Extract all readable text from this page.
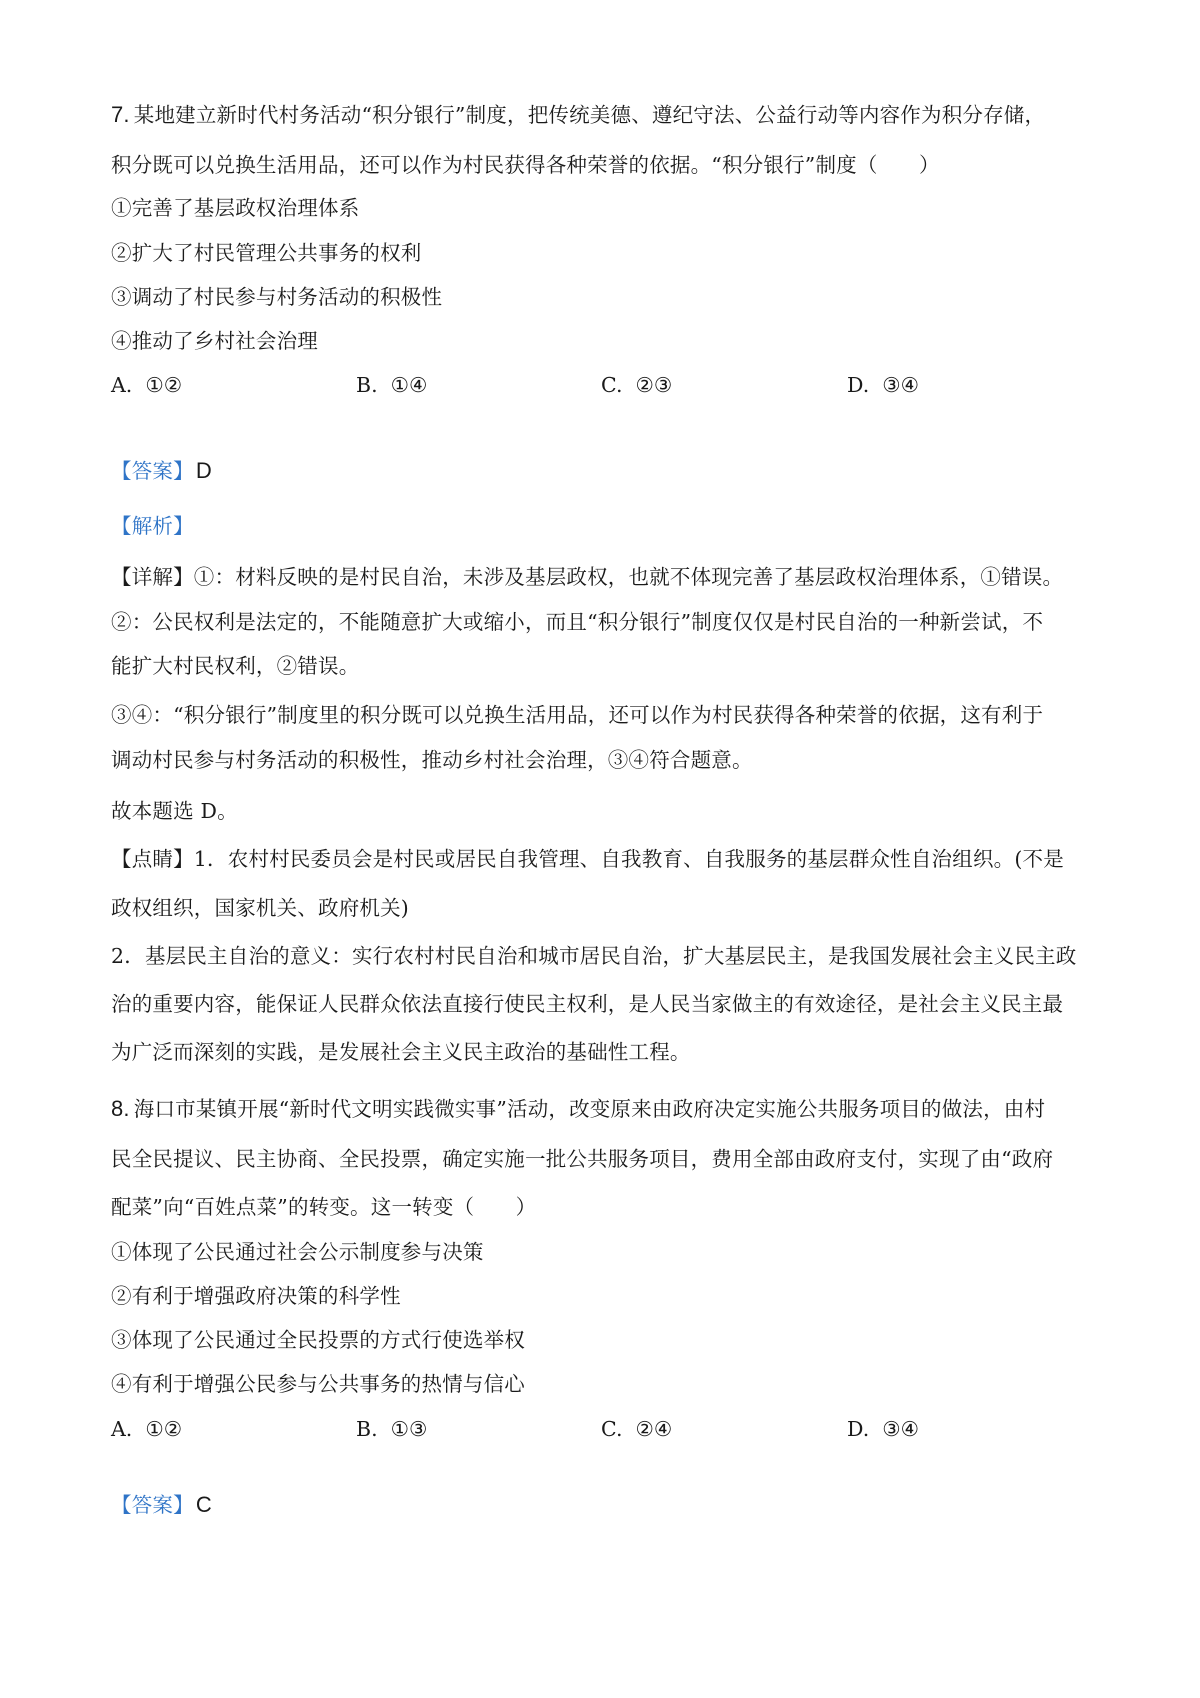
7. 某地建立新时代村务活动“积分银行”制度，把传统美德、遵纪守法、公益行动等内容作为积分存储，

积分既可以兑换生活用品，还可以作为村民获得各种荣誉的依据。“积分银行”制度（　　）

①完善了基层政权治理体系

②扩大了村民管理公共事务的权利

③调动了村民参与村务活动的积极性

④推动了乡村社会治理

A. ①②	B. ①④	C. ②③	D. ③④

【答案】D

【解析】

【详解】①：材料反映的是村民自治，未涉及基层政权，也就不体现完善了基层政权治理体系，①错误。

②：公民权利是法定的，不能随意扩大或缩小，而且“积分银行”制度仅仅是村民自治的一种新尝试，不

能扩大村民权利，②错误。

③④：“积分银行”制度里的积分既可以兑换生活用品，还可以作为村民获得各种荣誉的依据，这有利于

调动村民参与村务活动的积极性，推动乡村社会治理，③④符合题意。

故本题选 D。

【点睛】1．农村村民委员会是村民或居民自我管理、自我教育、自我服务的基层群众性自治组织。(不是

政权组织，国家机关、政府机关)

2．基层民主自治的意义：实行农村村民自治和城市居民自治，扩大基层民主，是我国发展社会主义民主政

治的重要内容，能保证人民群众依法直接行使民主权利，是人民当家做主的有效途径，是社会主义民主最

为广泛而深刻的实践，是发展社会主义民主政治的基础性工程。

8. 海口市某镇开展“新时代文明实践微实事”活动，改变原来由政府决定实施公共服务项目的做法，由村

民全民提议、民主协商、全民投票，确定实施一批公共服务项目，费用全部由政府支付，实现了由“政府

配菜”向“百姓点菜”的转变。这一转变（　　）

①体现了公民通过社会公示制度参与决策

②有利于增强政府决策的科学性

③体现了公民通过全民投票的方式行使选举权

④有利于增强公民参与公共事务的热情与信心

A. ①②	B. ①③	C. ②④	D. ③④

【答案】C
